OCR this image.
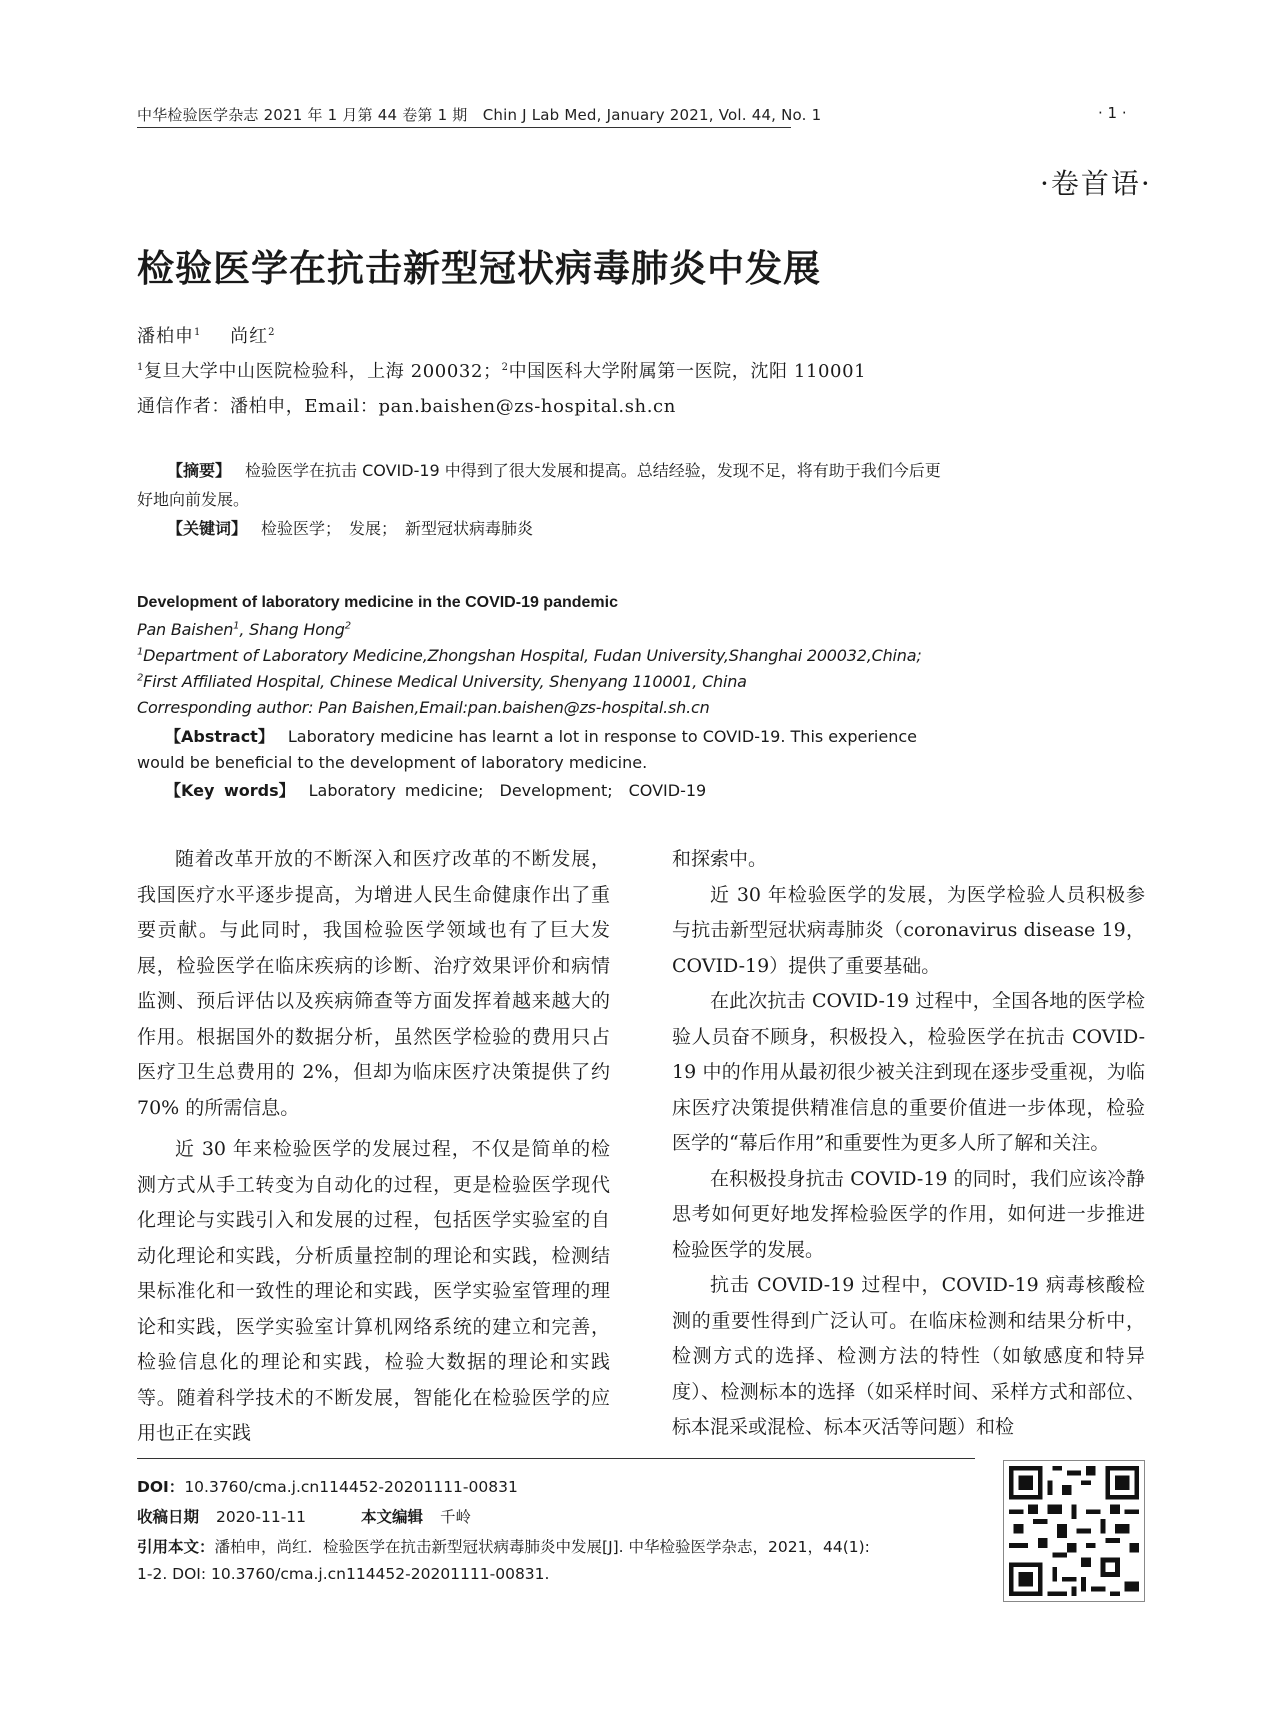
中华检验医学杂志 2021 年 1 月第 44 卷第 1 期　Chin J Lab Med, January 2021, Vol. 44, No. 1	· 1 ·
·卷首语·
检验医学在抗击新型冠状病毒肺炎中发展
潘柏申$^1$ 尚红$^2$
$^1$复旦大学中山医院检验科，上海 200032；$^2$中国医科大学附属第一医院，沈阳 110001
通信作者：潘柏申，Email：pan.baishen@zs-hospital.sh.cn
【摘要】 检验医学在抗击 COVID-19 中得到了很大发展和提高。总结经验，发现不足，将有助于我们今后更好地向前发展。
【关键词】 检验医学；　发展；　新型冠状病毒肺炎
Development of laboratory medicine in the COVID-19 pandemic
Pan Baishen$^1$, Shang Hong$^2$
$^1$Department of Laboratory Medicine,Zhongshan Hospital, Fudan University,Shanghai 200032,China;
$^2$First Affiliated Hospital, Chinese Medical University, Shenyang 110001, China
Corresponding author: Pan Baishen,Email:pan.baishen@zs-hospital.sh.cn
【Abstract】 Laboratory medicine has learnt a lot in response to COVID-19. This experience would be beneficial to the development of laboratory medicine.
【Key words】 Laboratory medicine;　Development;　COVID-19

随着改革开放的不断深入和医疗改革的不断发展，我国医疗水平逐步提高，为增进人民生命健康作出了重要贡献。与此同时，我国检验医学领域也有了巨大发展，检验医学在临床疾病的诊断、治疗效果评价和病情监测、预后评估以及疾病筛查等方面发挥着越来越大的作用。根据国外的数据分析，虽然医学检验的费用只占医疗卫生总费用的 2%，但却为临床医疗决策提供了约 70% 的所需信息。

近 30 年来检验医学的发展过程，不仅是简单的检测方式从手工转变为自动化的过程，更是检验医学现代化理论与实践引入和发展的过程，包括医学实验室的自动化理论和实践，分析质量控制的理论和实践，检测结果标准化和一致性的理论和实践，医学实验室管理的理论和实践，医学实验室计算机网络系统的建立和完善，检验信息化的理论和实践，检验大数据的理论和实践等。随着科学技术的不断发展，智能化在检验医学的应用也正在实践

和探索中。

近 30 年检验医学的发展，为医学检验人员积极参与抗击新型冠状病毒肺炎（coronavirus disease 19，COVID-19）提供了重要基础。

在此次抗击 COVID-19 过程中，全国各地的医学检验人员奋不顾身，积极投入，检验医学在抗击 COVID-19 中的作用从最初很少被关注到现在逐步受重视，为临床医疗决策提供精准信息的重要价值进一步体现，检验医学的“幕后作用”和重要性为更多人所了解和关注。

在积极投身抗击 COVID-19 的同时，我们应该冷静思考如何更好地发挥检验医学的作用，如何进一步推进检验医学的发展。

抗击 COVID-19 过程中，COVID-19 病毒核酸检测的重要性得到广泛认可。在临床检测和结果分析中，检测方式的选择、检测方法的特性（如敏感度和特异度）、检测标本的选择（如采样时间、采样方式和部位、标本混采或混检、标本灭活等问题）和检

DOI：10.3760/cma.j.cn114452-20201111-00831
收稿日期 2020-11-11	本文编辑 千岭
引用本文：潘柏申，尚红．检验医学在抗击新型冠状病毒肺炎中发展[J]. 中华检验医学杂志，2021，44(1):
1-2. DOI: 10.3760/cma.j.cn114452-20201111-00831.
